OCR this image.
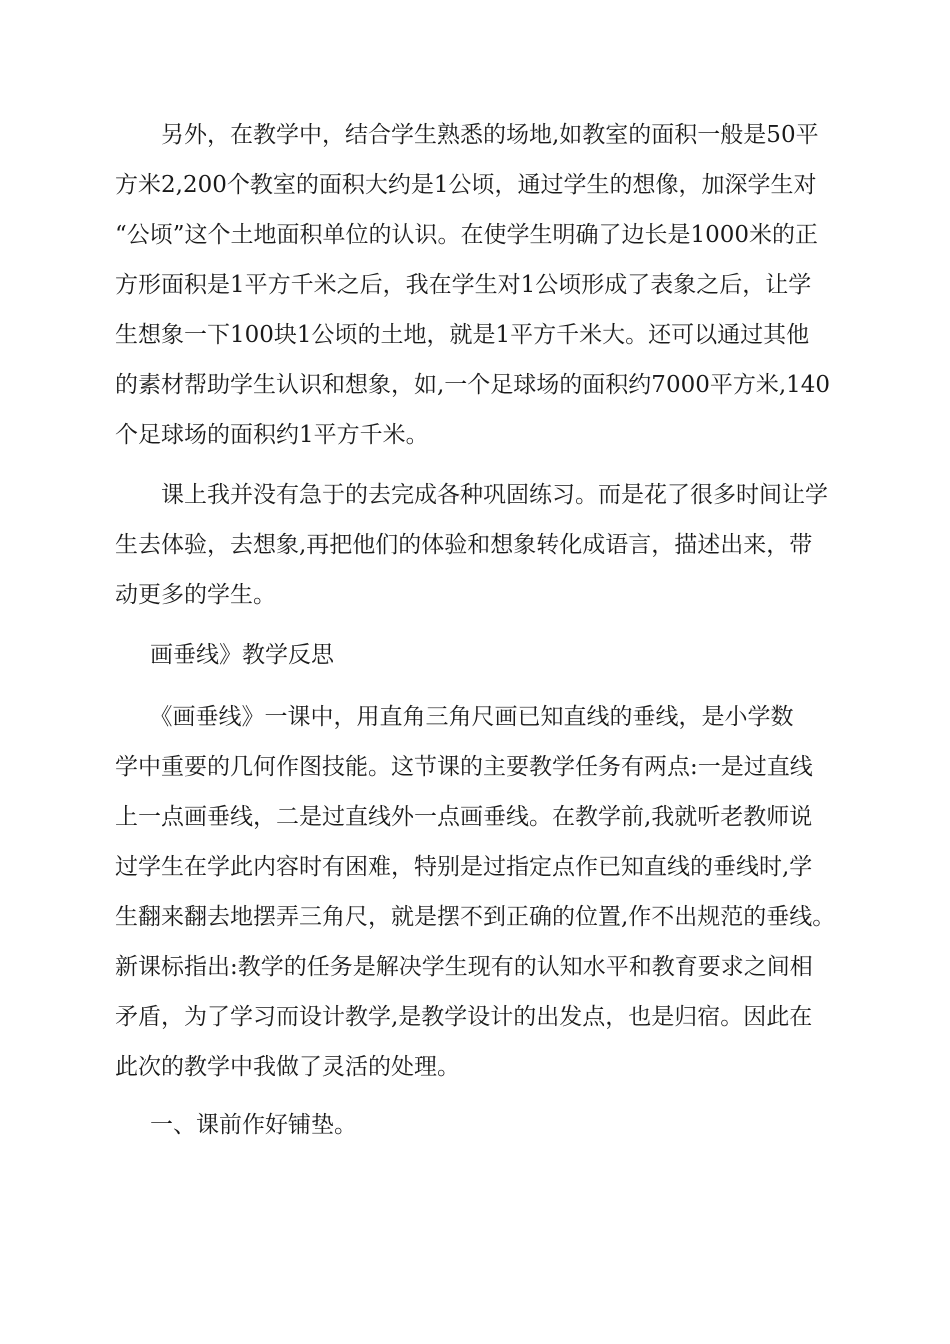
　　另外，在教学中，结合学生熟悉的场地,如教室的面积一般是50平
方米2,200个教室的面积大约是1公顷，通过学生的想像，加深学生对
“公顷”这个土地面积单位的认识。在使学生明确了边长是1000米的正
方形面积是1平方千米之后，我在学生对1公顷形成了表象之后，让学
生想象一下100块1公顷的土地，就是1平方千米大。还可以通过其他
的素材帮助学生认识和想象，如,一个足球场的面积约7000平方米,140
个足球场的面积约1平方千米。

　　课上我并没有急于的去完成各种巩固练习。而是花了很多时间让学
生去体验，去想象,再把他们的体验和想象转化成语言，描述出来，带
动更多的学生。

画垂线》教学反思

　　《画垂线》一课中，用直角三角尺画已知直线的垂线，是小学数
学中重要的几何作图技能。这节课的主要教学任务有两点:一是过直线
上一点画垂线，二是过直线外一点画垂线。在教学前,我就听老教师说
过学生在学此内容时有困难，特别是过指定点作已知直线的垂线时,学
生翻来翻去地摆弄三角尺，就是摆不到正确的位置,作不出规范的垂线。
新课标指出:教学的任务是解决学生现有的认知水平和教育要求之间相
矛盾，为了学习而设计教学,是教学设计的出发点，也是归宿。因此在
此次的教学中我做了灵活的处理。

一、课前作好铺垫。
